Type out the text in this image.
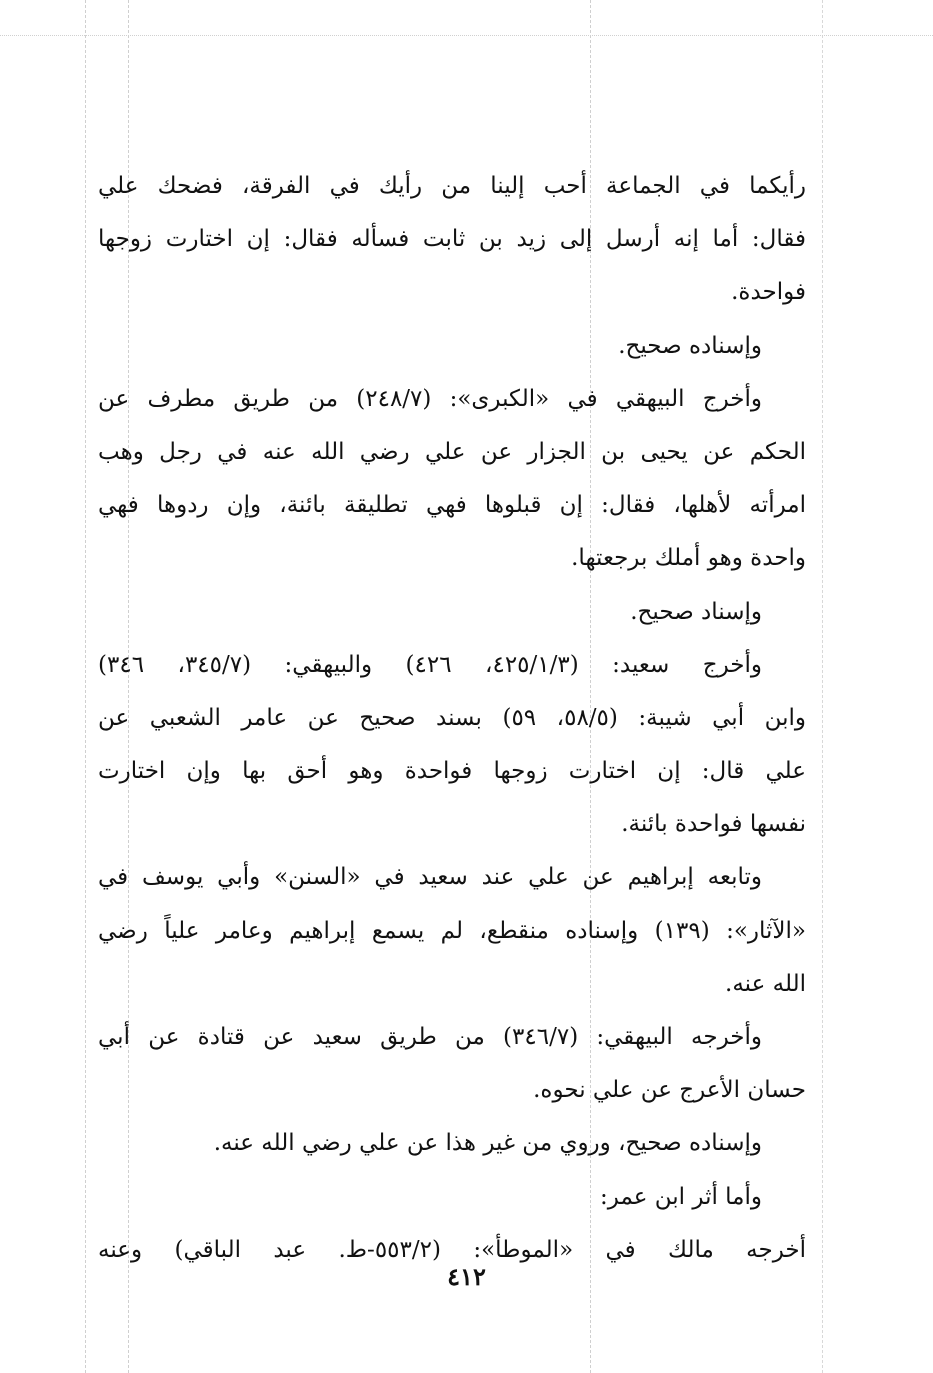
رأيكما في الجماعة أحب إلينا من رأيك في الفرقة، فضحك علي
فقال: أما إنه أرسل إلى زيد بن ثابت فسأله فقال: إن اختارت زوجها
فواحدة.
وإسناده صحيح.
وأخرج البيهقي في «الكبرى»: (٢٤٨/٧) من طريق مطرف عن
الحكم عن يحيى بن الجزار عن علي رضي الله عنه في رجل وهب
امرأته لأهلها، فقال: إن قبلوها فهي تطليقة بائنة، وإن ردوها فهي
واحدة وهو أملك برجعتها.
وإسناد صحيح.
وأخرج سعيد: (٤٢٥/١/٣، ٤٢٦) والبيهقي: (٣٤٥/٧، ٣٤٦)
وابن أبي شيبة: (٥٨/٥، ٥٩) بسند صحيح عن عامر الشعبي عن
علي قال: إن اختارت زوجها فواحدة وهو أحق بها وإن اختارت
نفسها فواحدة بائنة.
وتابعه إبراهيم عن علي عند سعيد في «السنن» وأبي يوسف في
«الآثار»: (١٣٩) وإسناده منقطع، لم يسمع إبراهيم وعامر علياً رضي
الله عنه.
وأخرجه البيهقي: (٣٤٦/٧) من طريق سعيد عن قتادة عن أبي
حسان الأعرج عن علي نحوه.
وإسناده صحيح، وروي من غير هذا عن علي رضي الله عنه.
وأما أثر ابن عمر:
أخرجه مالك في «الموطأ»: (٥٥٣/٢-ط. عبد الباقي) وعنه
٤١٢
